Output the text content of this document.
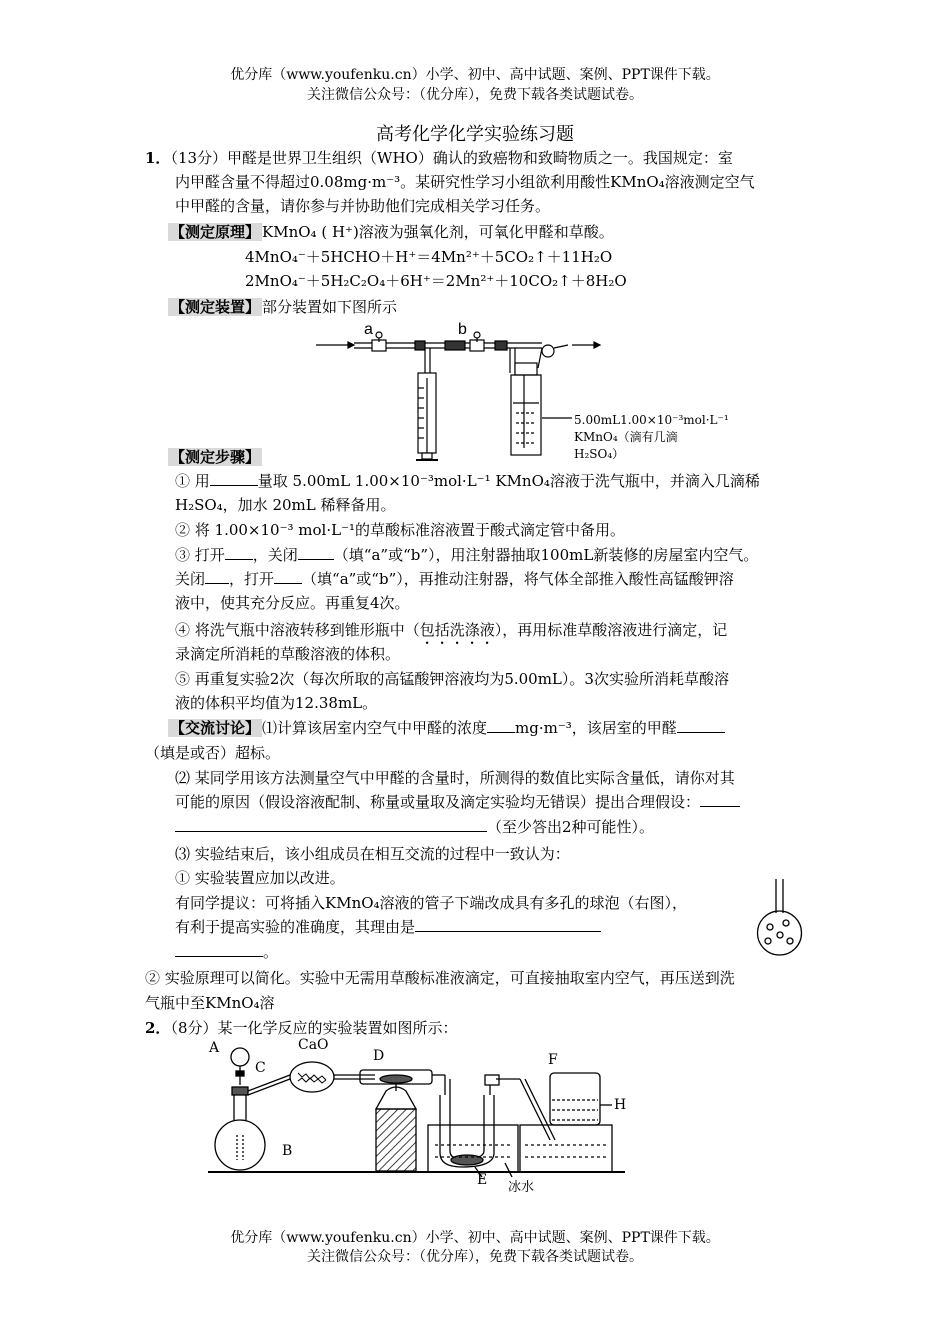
优分库（www.youfenku.cn）小学、初中、高中试题、案例、PPT课件下载。
关注微信公众号：（优分库），免费下载各类试题试卷。
高考化学化学实验练习题
1．（13分）甲醛是世界卫生组织（WHO）确认的致癌物和致畸物质之一。我国规定：室
内甲醛含量不得超过0.08mg·m⁻³。某研究性学习小组欲利用酸性KMnO₄溶液测定空气
中甲醛的含量，请你参与并协助他们完成相关学习任务。
【测定原理】 KMnO₄ ( H⁺)溶液为强氧化剂，可氧化甲醛和草酸。
4MnO₄⁻＋5HCHO＋H⁺＝4Mn²⁺＋5CO₂↑＋11H₂O
2MnO₄⁻＋5H₂C₂O₄＋6H⁺＝2Mn²⁺＋10CO₂↑＋8H₂O
【测定装置】 部分装置如下图所示
a	b
5.00mL1.00×10⁻³mol·L⁻¹
KMnO₄（滴有几滴
H₂SO₄）
【测定步骤】
① 用	量取 5.00mL 1.00×10⁻³mol·L⁻¹ KMnO₄溶液于洗气瓶中，并滴入几滴稀
H₂SO₄，加水 20mL 稀释备用。
② 将 1.00×10⁻³ mol·L⁻¹的草酸标准溶液置于酸式滴定管中备用。
③ 打开 ，关闭 （填“a”或“b”），用注射器抽取100mL新装修的房屋室内空气。
关闭 ，打开 （填“a”或“b”），再推动注射器，将气体全部推入酸性高锰酸钾溶
液中，使其充分反应。再重复4次。
④ 将洗气瓶中溶液转移到锥形瓶中（包括洗涤液），再用标准草酸溶液进行滴定，记
录滴定所消耗的草酸溶液的体积。
⑤ 再重复实验2次（每次所取的高锰酸钾溶液均为5.00mL）。3次实验所消耗草酸溶
液的体积平均值为12.38mL。
【交流讨论】 ⑴计算该居室内空气中甲醛的浓度 mg·m⁻³，该居室的甲醛
（填是或否）超标。
⑵ 某同学用该方法测量空气中甲醛的含量时，所测得的数值比实际含量低，请你对其
可能的原因（假设溶液配制、称量或量取及滴定实验均无错误）提出合理假设：
（至少答出2种可能性）。
⑶ 实验结束后，该小组成员在相互交流的过程中一致认为：
① 实验装置应加以改进。
有同学提议：可将插入KMnO₄溶液的管子下端改成具有多孔的球泡（右图），
有利于提高实验的准确度，其理由是
。
② 实验原理可以简化。实验中无需用草酸标准液滴定，可直接抽取室内空气，再压送到洗
气瓶中至KMnO₄溶
2．（8分）某一化学反应的实验装置如图所示：
A
B
C
CaO
D
E
F
H
冰水
优分库（www.youfenku.cn）小学、初中、高中试题、案例、PPT课件下载。
关注微信公众号：（优分库），免费下载各类试题试卷。
